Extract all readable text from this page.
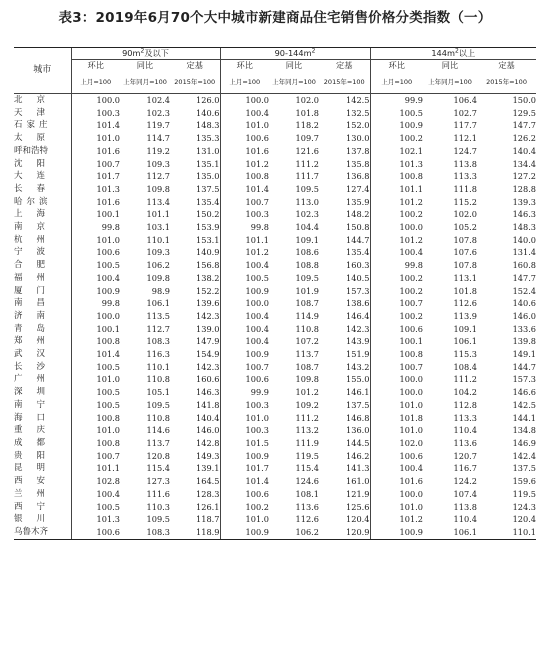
表3：2019年6月70个大中城市新建商品住宅销售价格分类指数（一）
城市	$90m^2$及以下			$90-144m^2$			$144m^2$以上		
	环比	同比	定基	环比	同比	定基	环比	同比	定基
	上月=100	上年同月=100	2015年=100	上月=100	上年同月=100	2015年=100	上月=100	上年同月=100	2015年=100
北京	100.0	102.4	126.0	100.0	102.0	142.5	99.9	106.4	150.0
天津	100.3	102.3	140.6	100.4	101.8	132.5	100.5	102.7	129.5
石家庄	101.4	119.7	148.3	101.0	118.2	152.0	100.9	117.7	147.7
太原	101.0	114.7	135.3	100.6	109.7	130.0	100.2	112.1	126.2
呼和浩特	101.6	119.2	131.0	101.6	121.6	137.8	102.1	124.7	140.4
沈阳	100.7	109.3	135.1	101.2	111.2	135.8	101.3	113.8	134.4
大连	101.7	112.7	135.0	100.8	111.7	136.8	100.8	113.3	127.2
长春	101.3	109.8	137.5	101.4	109.5	127.4	101.1	111.8	128.8
哈尔滨	101.6	113.4	135.4	100.7	113.0	135.9	101.2	115.2	139.3
上海	100.1	101.1	150.2	100.3	102.3	148.2	100.2	102.0	146.3
南京	99.8	103.1	153.9	99.8	104.4	150.8	100.0	105.2	148.3
杭州	101.0	110.1	153.1	101.1	109.1	144.7	101.2	107.8	140.0
宁波	100.6	109.3	140.9	101.2	108.6	135.4	100.4	107.6	131.4
合肥	100.5	106.2	156.8	100.4	108.8	160.3	99.8	107.8	160.8
福州	100.4	109.8	138.2	100.5	109.5	140.5	100.2	113.1	147.7
厦门	100.9	98.9	152.2	100.9	101.9	157.3	100.2	101.8	152.4
南昌	99.8	106.1	139.6	100.0	108.7	138.6	100.7	112.6	140.6
济南	100.0	113.5	142.3	100.4	114.9	146.4	100.2	113.9	146.0
青岛	100.1	112.7	139.0	100.4	110.8	142.3	100.6	109.1	133.6
郑州	100.8	108.3	147.9	100.4	107.2	143.9	100.1	106.1	139.8
武汉	101.4	116.3	154.9	100.9	113.7	151.9	100.8	115.3	149.1
长沙	100.5	110.1	142.3	100.7	108.7	143.2	100.7	108.4	144.7
广州	101.0	110.8	160.6	100.6	109.8	155.0	100.0	111.2	157.3
深圳	100.5	105.1	146.3	99.9	101.2	146.1	100.0	104.2	146.6
南宁	100.5	109.5	141.8	100.3	109.2	137.5	101.0	112.8	142.5
海口	100.8	110.8	140.4	101.0	111.2	146.8	101.8	113.3	144.1
重庆	101.0	114.6	146.0	100.3	113.2	136.0	101.0	110.4	134.8
成都	100.8	113.7	142.8	101.5	111.9	144.5	102.0	113.6	146.9
贵阳	100.7	120.8	149.3	100.9	119.5	146.2	100.6	120.7	142.4
昆明	101.1	115.4	139.1	101.7	115.4	141.3	100.4	116.7	137.5
西安	102.8	127.3	164.5	101.4	124.6	161.0	101.6	124.2	159.6
兰州	100.4	111.6	128.3	100.6	108.1	121.9	100.0	107.4	119.5
西宁	100.5	110.3	126.1	100.2	113.6	125.6	101.0	113.8	124.3
银川	101.3	109.5	118.7	101.0	112.6	120.4	101.2	110.4	120.4
乌鲁木齐	100.6	108.3	118.9	100.9	106.2	120.9	100.9	106.1	110.1
